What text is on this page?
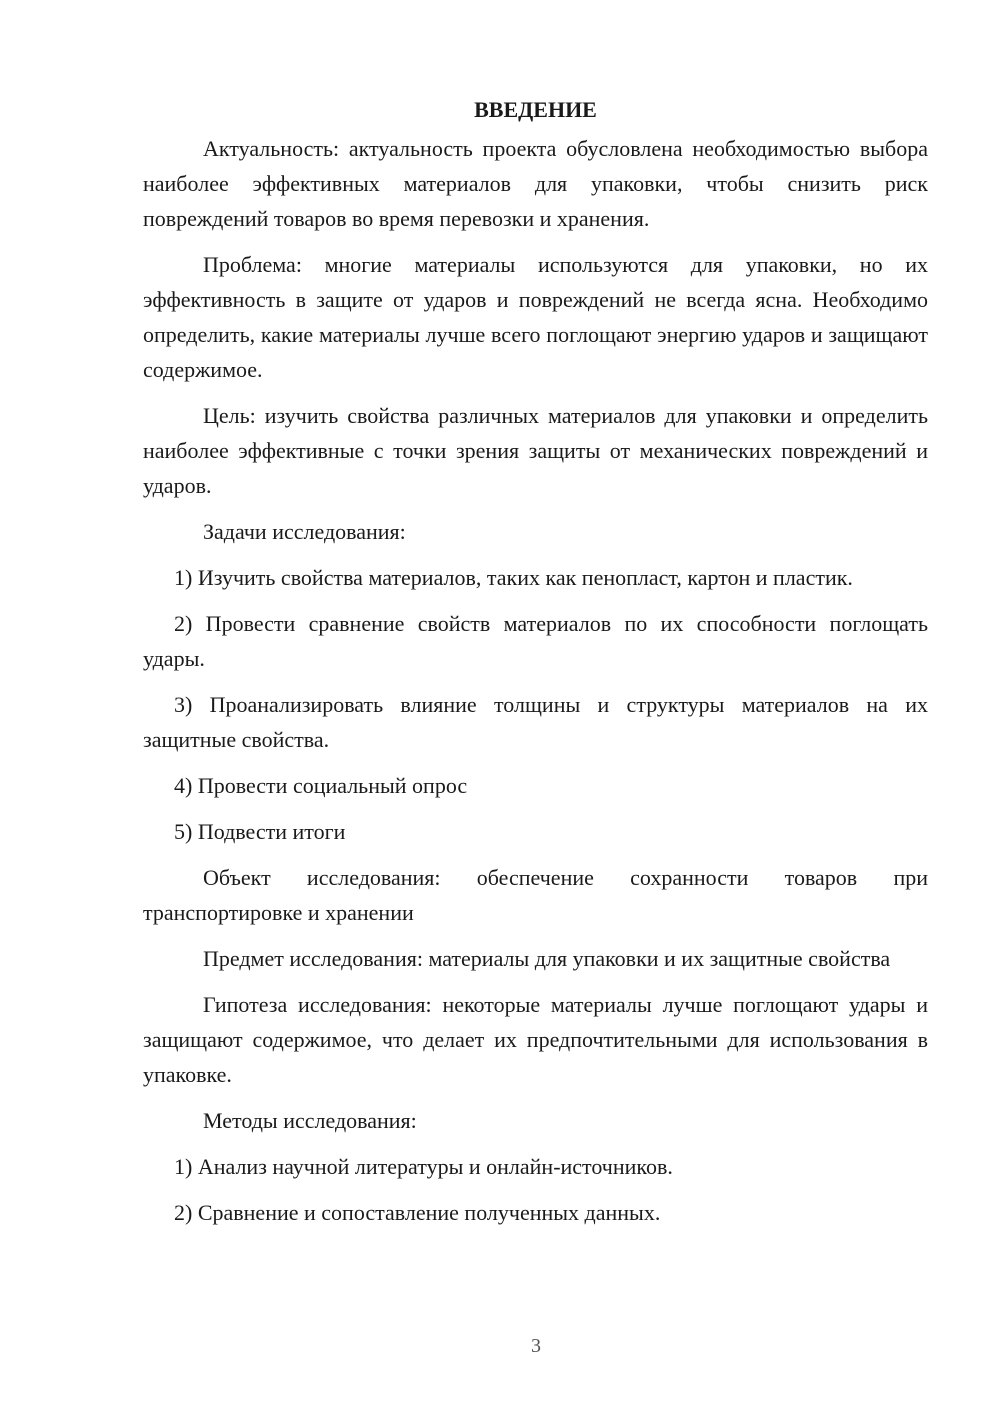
ВВЕДЕНИЕ

Актуальность: актуальность проекта обусловлена необходимостью выбора наиболее эффективных материалов для упаковки, чтобы снизить риск повреждений товаров во время перевозки и хранения.

Проблема: многие материалы используются для упаковки, но их эффективность в защите от ударов и повреждений не всегда ясна. Необходимо определить, какие материалы лучше всего поглощают энергию ударов и защищают содержимое.

Цель: изучить свойства различных материалов для упаковки и определить наиболее эффективные с точки зрения защиты от механических повреждений и ударов.

Задачи исследования:

1) Изучить свойства материалов, таких как пенопласт, картон и пластик.

2) Провести сравнение свойств материалов по их способности поглощать удары.

3) Проанализировать влияние толщины и структуры материалов на их защитные свойства.

4) Провести социальный опрос

5) Подвести итоги

Объект исследования: обеспечение сохранности товаров при транспортировке и хранении

Предмет исследования: материалы для упаковки и их защитные свойства

Гипотеза исследования: некоторые материалы лучше поглощают удары и защищают содержимое, что делает их предпочтительными для использования в упаковке.

Методы исследования:

1) Анализ научной литературы и онлайн-источников.

2) Сравнение и сопоставление полученных данных.

3
